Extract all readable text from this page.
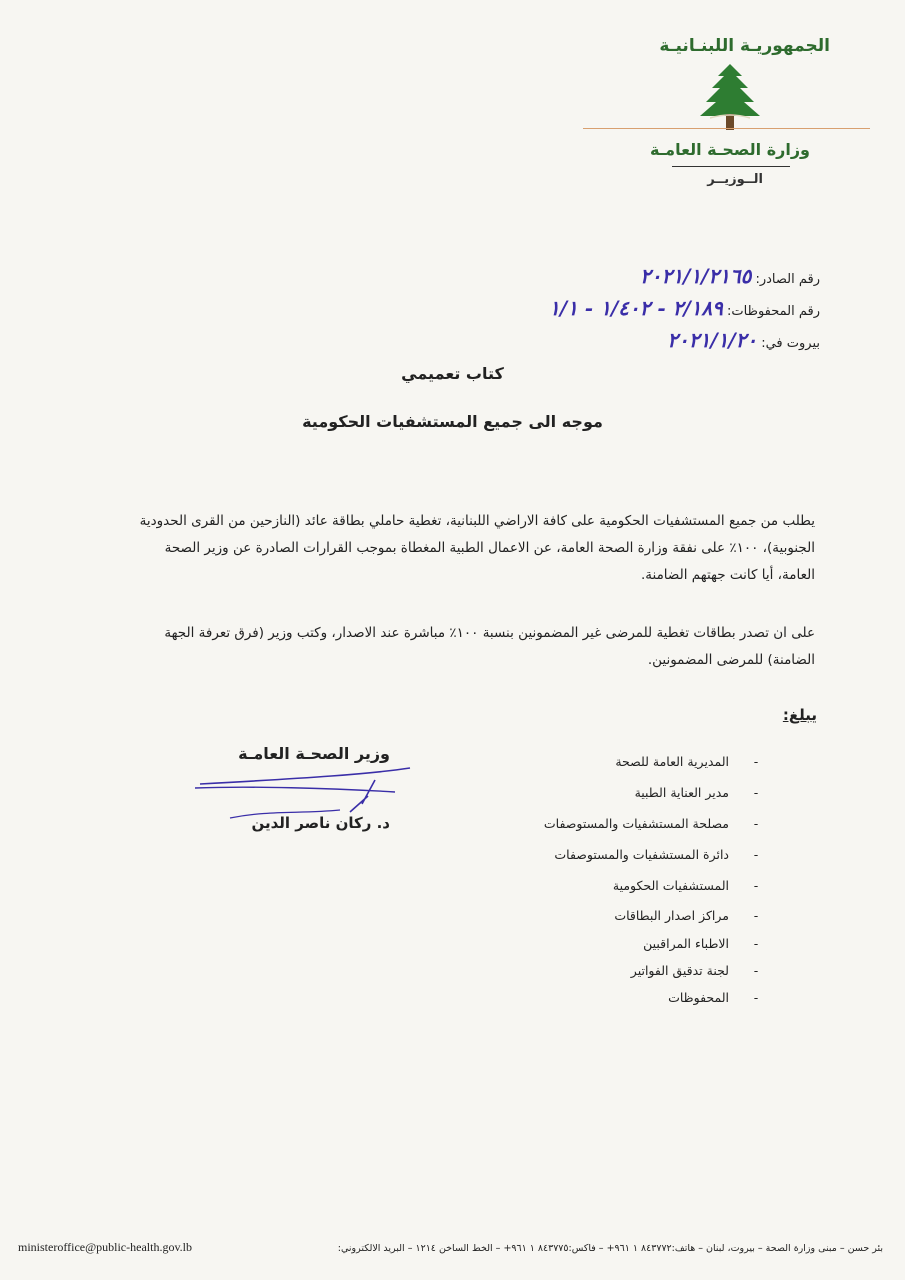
الجمهوريـة اللبنـانيـة
وزارة الصحـة العامـة
الــوزيــر
رقم الصادر: ٢٠٢١/١/٢١٦٥
رقم المحفوظات: ٢/١٨٩ - ١/٤٠٢ - ١/١
بيروت في: ٢٠٢١/١/٢٠
كتاب تعميمي
موجه الى جميع المستشفيات الحكومية
يطلب من جميع المستشفيات الحكومية على كافة الاراضي اللبنانية، تغطية حاملي بطاقة عائد (النازحين من القرى الحدودية الجنوبية)، ١٠٠٪ على نفقة وزارة الصحة العامة، عن الاعمال الطبية المغطاة بموجب القرارات الصادرة عن وزير الصحة العامة، أيا كانت جهتهم الضامنة.
على ان تصدر بطاقات تغطية للمرضى غير المضمونين بنسبة ١٠٠٪ مباشرة عند الاصدار، وكتب وزير (فرق تعرفة الجهة الضامنة) للمرضى المضمونين.
يبلغ:
-المديرية العامة للصحة
-مدير العناية الطبية
-مصلحة المستشفيات والمستوصفات
-دائرة المستشفيات والمستوصفات
-المستشفيات الحكومية
-مراكز اصدار البطاقات
-الاطباء المراقبين
-لجنة تدقيق الفواتير
-المحفوظات
وزير الصحـة العامـة
د. ركان ناصر الدين
بئر حسن – مبنى وزارة الصحة – بيروت، لبنان – هاتف:٨٤٣٧٧٢ ١ ٩٦١+ – فاكس:٨٤٣٧٧٥ ١ ٩٦١+ – الخط الساخن ١٢١٤ – البريد الالكتروني:
ministeroffice@public-health.gov.lb
